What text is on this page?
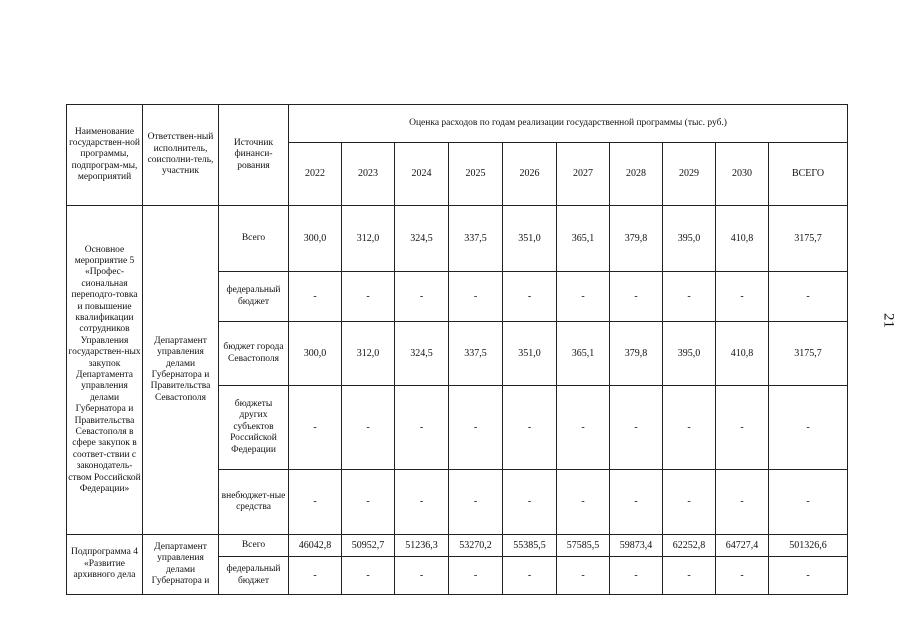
21
Наименование государствен-ной программы, подпрограм-мы, мероприятий	Ответствен-ный исполнитель, соисполни-тель, участник	Источник финанси-рования	Оценка расходов по годам реализации государственной программы (тыс. руб.)									
			2022	2023	2024	2025	2026	2027	2028	2029	2030	ВСЕГО
Основное мероприятие 5 «Профес-сиональная переподго-товка и повышение квалификации сотрудников Управления государствен-ных закупок Департамента управления делами Губернатора и Правительства Севастополя в сфере закупок в соответ-ствии с законодатель-ством Российской Федерации»	Департамент управления делами Губернатора и Правительства Севастополя	Всего	300,0	312,0	324,5	337,5	351,0	365,1	379,8	395,0	410,8	3175,7
		федеральный бюджет	-	-	-	-	-	-	-	-	-	-
		бюджет города Севастополя	300,0	312,0	324,5	337,5	351,0	365,1	379,8	395,0	410,8	3175,7
		бюджеты других субъектов Российской Федерации	-	-	-	-	-	-	-	-	-	-
		внебюджет-ные средства	-	-	-	-	-	-	-	-	-	-
Подпрограмма 4 «Развитие архивного дела	Департамент управления делами Губернатора и	Всего	46042,8	50952,7	51236,3	53270,2	55385,5	57585,5	59873,4	62252,8	64727,4	501326,6
		федеральный бюджет	-	-	-	-	-	-	-	-	-	-
